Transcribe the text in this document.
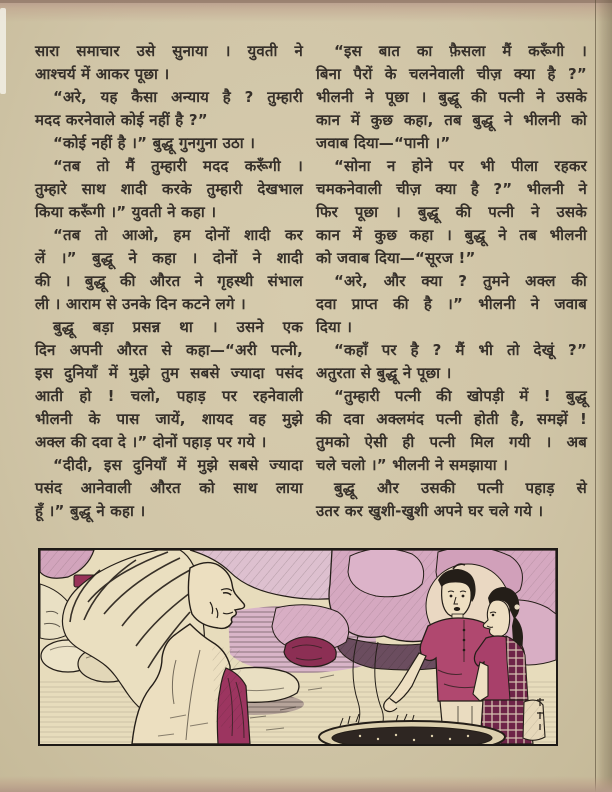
सारा समाचार उसे सुनाया । युवती ने
आश्चर्य में आकर पूछा ।
“अरे, यह कैसा अन्याय है ? तुम्हारी
मदद करनेवाले कोई नहीं है ?”
“कोई नहीं है ।” बुद्धू गुनगुना उठा ।
“तब तो मैं तुम्हारी मदद करूँगी ।
तुम्हारे साथ शादी करके तुम्हारी देखभाल
किया करूँगी ।” युवती ने कहा ।
“तब तो आओ, हम दोनों शादी कर
लें ।” बुद्धू ने कहा । दोनों ने शादी
की । बुद्धू की औरत ने गृहस्थी संभाल
ली । आराम से उनके दिन कटने लगे ।
बुद्धू बड़ा प्रसन्न था । उसने एक
दिन अपनी औरत से कहा—“अरी पत्नी,
इस दुनियाँ में मुझे तुम सबसे ज्यादा पसंद
आती हो ! चलो, पहाड़ पर रहनेवाली
भीलनी के पास जायें, शायद वह मुझे
अक्ल की दवा दे ।” दोनों पहाड़ पर गये ।
“दीदी, इस दुनियाँ में मुझे सबसे ज्यादा
पसंद आनेवाली औरत को साथ लाया
हूँ ।” बुद्धू ने कहा ।
“इस बात का फ़ैसला मैं करूँगी ।
बिना पैरों के चलनेवाली चीज़ क्या है ?”
भीलनी ने पूछा । बुद्धू की पत्नी ने उसके
कान में कुछ कहा, तब बुद्धू ने भीलनी को
जवाब दिया—“पानी ।”
“सोना न होने पर भी पीला रहकर
चमकनेवाली चीज़ क्या है ?” भीलनी ने
फिर पूछा । बुद्धू की पत्नी ने उसके
कान में कुछ कहा । बुद्धू ने तब भीलनी
को जवाब दिया—“सूरज !”
“अरे, और क्या ? तुमने अक्ल की
दवा प्राप्त की है ।” भीलनी ने जवाब
दिया ।
“कहाँ पर है ? मैं भी तो देखूं ?”
अतुरता से बुद्धू ने पूछा ।
“तुम्हारी पत्नी की खोपड़ी में ! बुद्धू
की दवा अक्लमंद पत्नी होती है, समझें !
तुमको ऐसी ही पत्नी मिल गयी । अब
चले चलो ।” भीलनी ने समझाया ।
बुद्धू और उसकी पत्नी पहाड़ से
उतर कर खुशी-खुशी अपने घर चले गये ।
